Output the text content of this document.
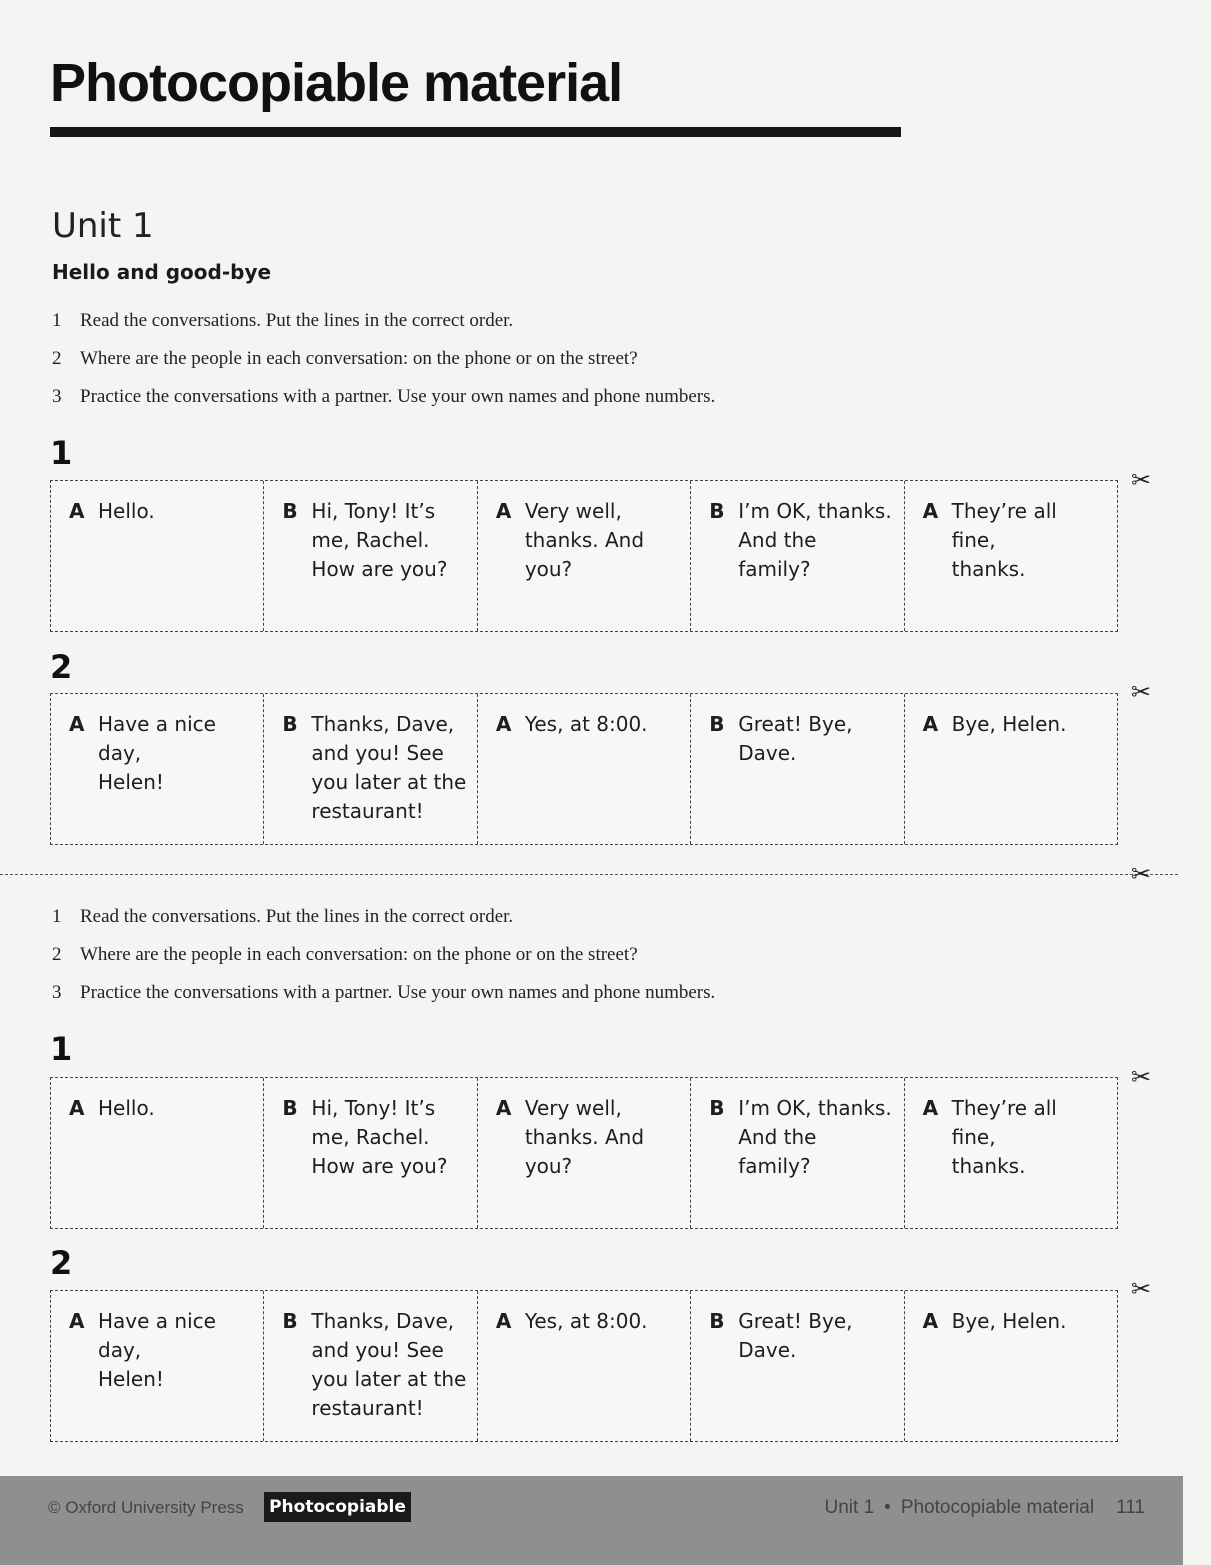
Photocopiable material
Unit 1
Hello and good-bye
1 Read the conversations. Put the lines in the correct order.
2 Where are the people in each conversation: on the phone or on the street?
3 Practice the conversations with a partner. Use your own names and phone numbers.
1
✂
A Hello.	B Hi, Tony! It’s
me, Rachel.
How are you?
A Very well,
thanks. And
you?
B I’m OK, thanks.
And the family?
A They’re all fine,
thanks.
2
✂
A Have a nice day,
Helen!
B Thanks, Dave,
and you! See
you later at the
restaurant!
A Yes, at 8:00.	B Great! Bye,
Dave.
A Bye, Helen.
✂
1 Read the conversations. Put the lines in the correct order.
2 Where are the people in each conversation: on the phone or on the street?
3 Practice the conversations with a partner. Use your own names and phone numbers.
1
✂
A Hello.	B Hi, Tony! It’s
me, Rachel.
How are you?
A Very well,
thanks. And
you?
B I’m OK, thanks.
And the family?
A They’re all fine,
thanks.
2
✂
A Have a nice day,
Helen!
B Thanks, Dave,
and you! See
you later at the
restaurant!
A Yes, at 8:00.	B Great! Bye,
Dave.
A Bye, Helen.
© Oxford University Press Photocopiable	Unit 1 • Photocopiable material 111
